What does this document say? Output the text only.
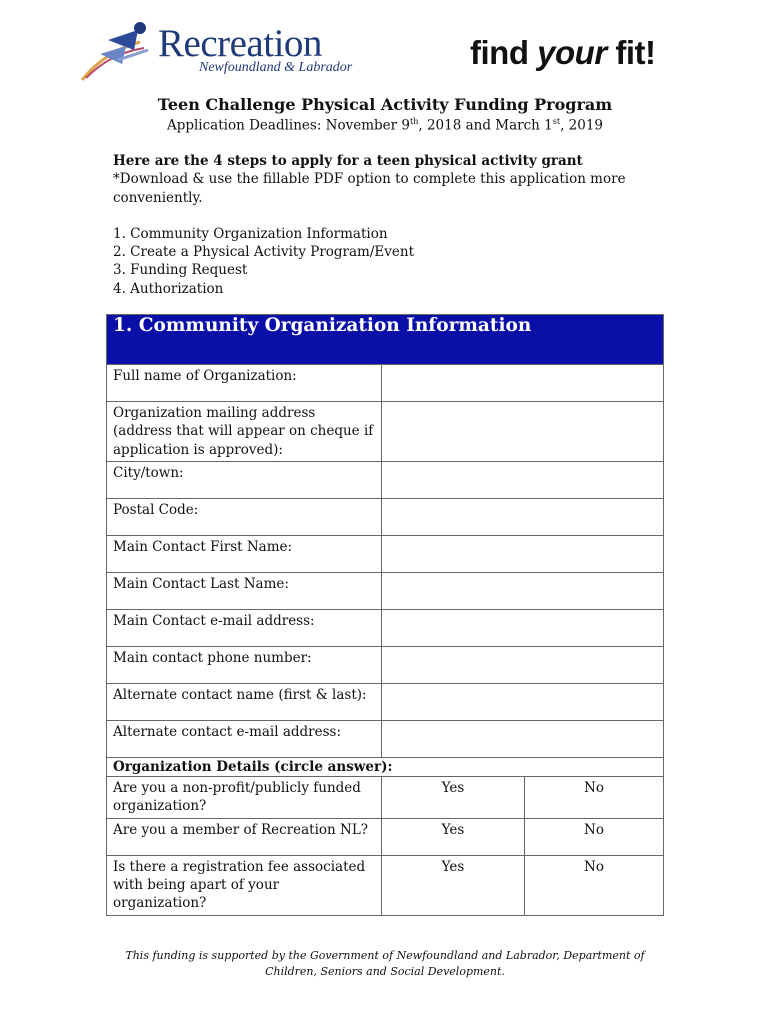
Recreation
Newfoundland & Labrador	find your fit!
Teen Challenge Physical Activity Funding Program
Application Deadlines: November 9th, 2018 and March 1st, 2019
Here are the 4 steps to apply for a teen physical activity grant
*Download & use the fillable PDF option to complete this application more conveniently.
1. Community Organization Information
2. Create a Physical Activity Program/Event
3. Funding Request
4. Authorization
1. Community Organization Information		
Full name of Organization:		
Organization mailing address (address that will appear on cheque if application is approved):		
City/town:		
Postal Code:		
Main Contact First Name:		
Main Contact Last Name:		
Main Contact e-mail address:		
Main contact phone number:		
Alternate contact name (first & last):		
Alternate contact e-mail address:		
Organization Details (circle answer):		
Are you a non-profit/publicly funded organization?	Yes	No
Are you a member of Recreation NL?	Yes	No
Is there a registration fee associated with being apart of your organization?	Yes	No
This funding is supported by the Government of Newfoundland and Labrador, Department of Children, Seniors and Social Development.
